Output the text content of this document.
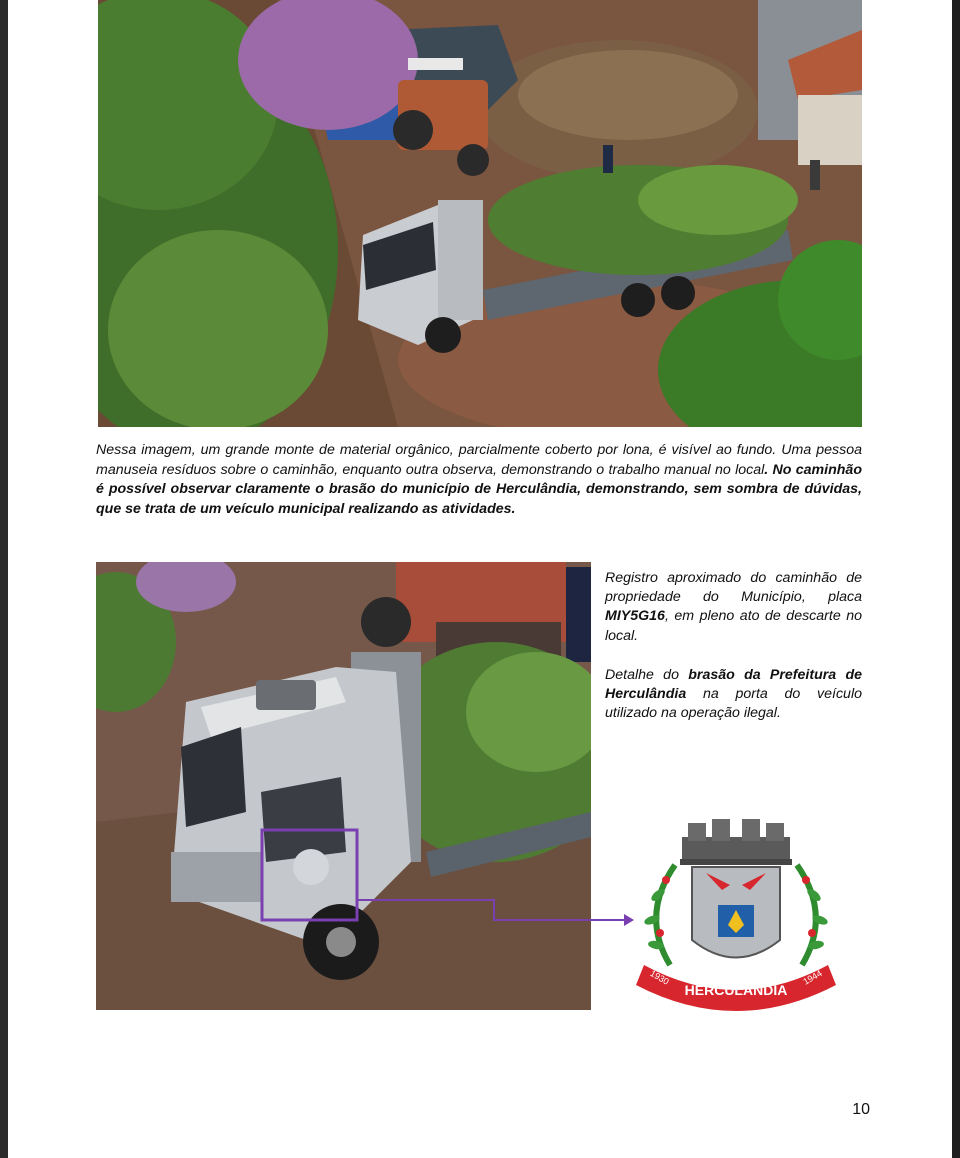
Nessa imagem, um grande monte de material orgânico, parcialmente coberto por lona, é visível ao fundo. Uma pessoa manuseia resíduos sobre o caminhão, enquanto outra observa, demonstrando o trabalho manual no local. No caminhão é possível observar claramente o brasão do município de Herculândia, demonstrando, sem sombra de dúvidas, que se trata de um veículo municipal realizando as atividades.
Registro aproximado do caminhão de propriedade do Município, placa MIY5G16, em pleno ato de descarte no local.
Detalhe do brasão da Prefeitura de Herculândia na porta do veículo utilizado na operação ilegal.
HERCULÂNDIA
1930	1944
10
